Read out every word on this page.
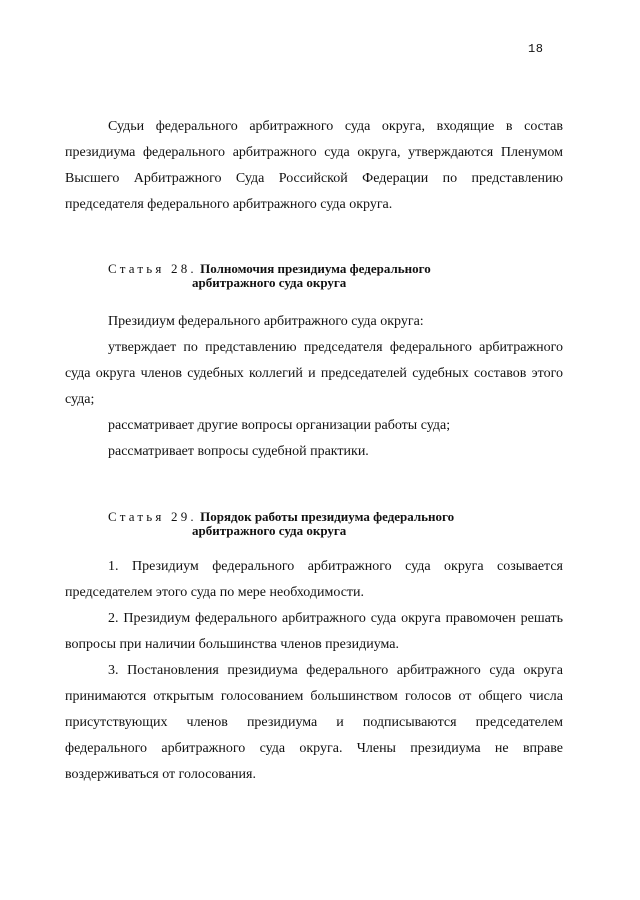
18

Судьи федерального арбитражного суда округа, входящие в состав президиума федерального арбитражного суда округа, утверждаются Пленумом Высшего Арбитражного Суда Российской Федерации по представлению председателя федерального арбитражного суда округа.

Статья 28. Полномочия президиума федерального
арбитражного суда округа

Президиум федерального арбитражного суда округа:

утверждает по представлению председателя федерального арбитражного суда округа членов судебных коллегий и председателей судебных составов этого суда;

рассматривает другие вопросы организации работы суда;

рассматривает вопросы судебной практики.

Статья 29. Порядок работы президиума федерального
арбитражного суда округа

1. Президиум федерального арбитражного суда округа созывается председателем этого суда по мере необходимости.

2. Президиум федерального арбитражного суда округа правомочен решать вопросы при наличии большинства членов президиума.

3. Постановления президиума федерального арбитражного суда округа принимаются открытым голосованием большинством голосов от общего числа присутствующих членов президиума и подписываются председателем федерального арбитражного суда округа. Члены президиума не вправе воздерживаться от голосования.
